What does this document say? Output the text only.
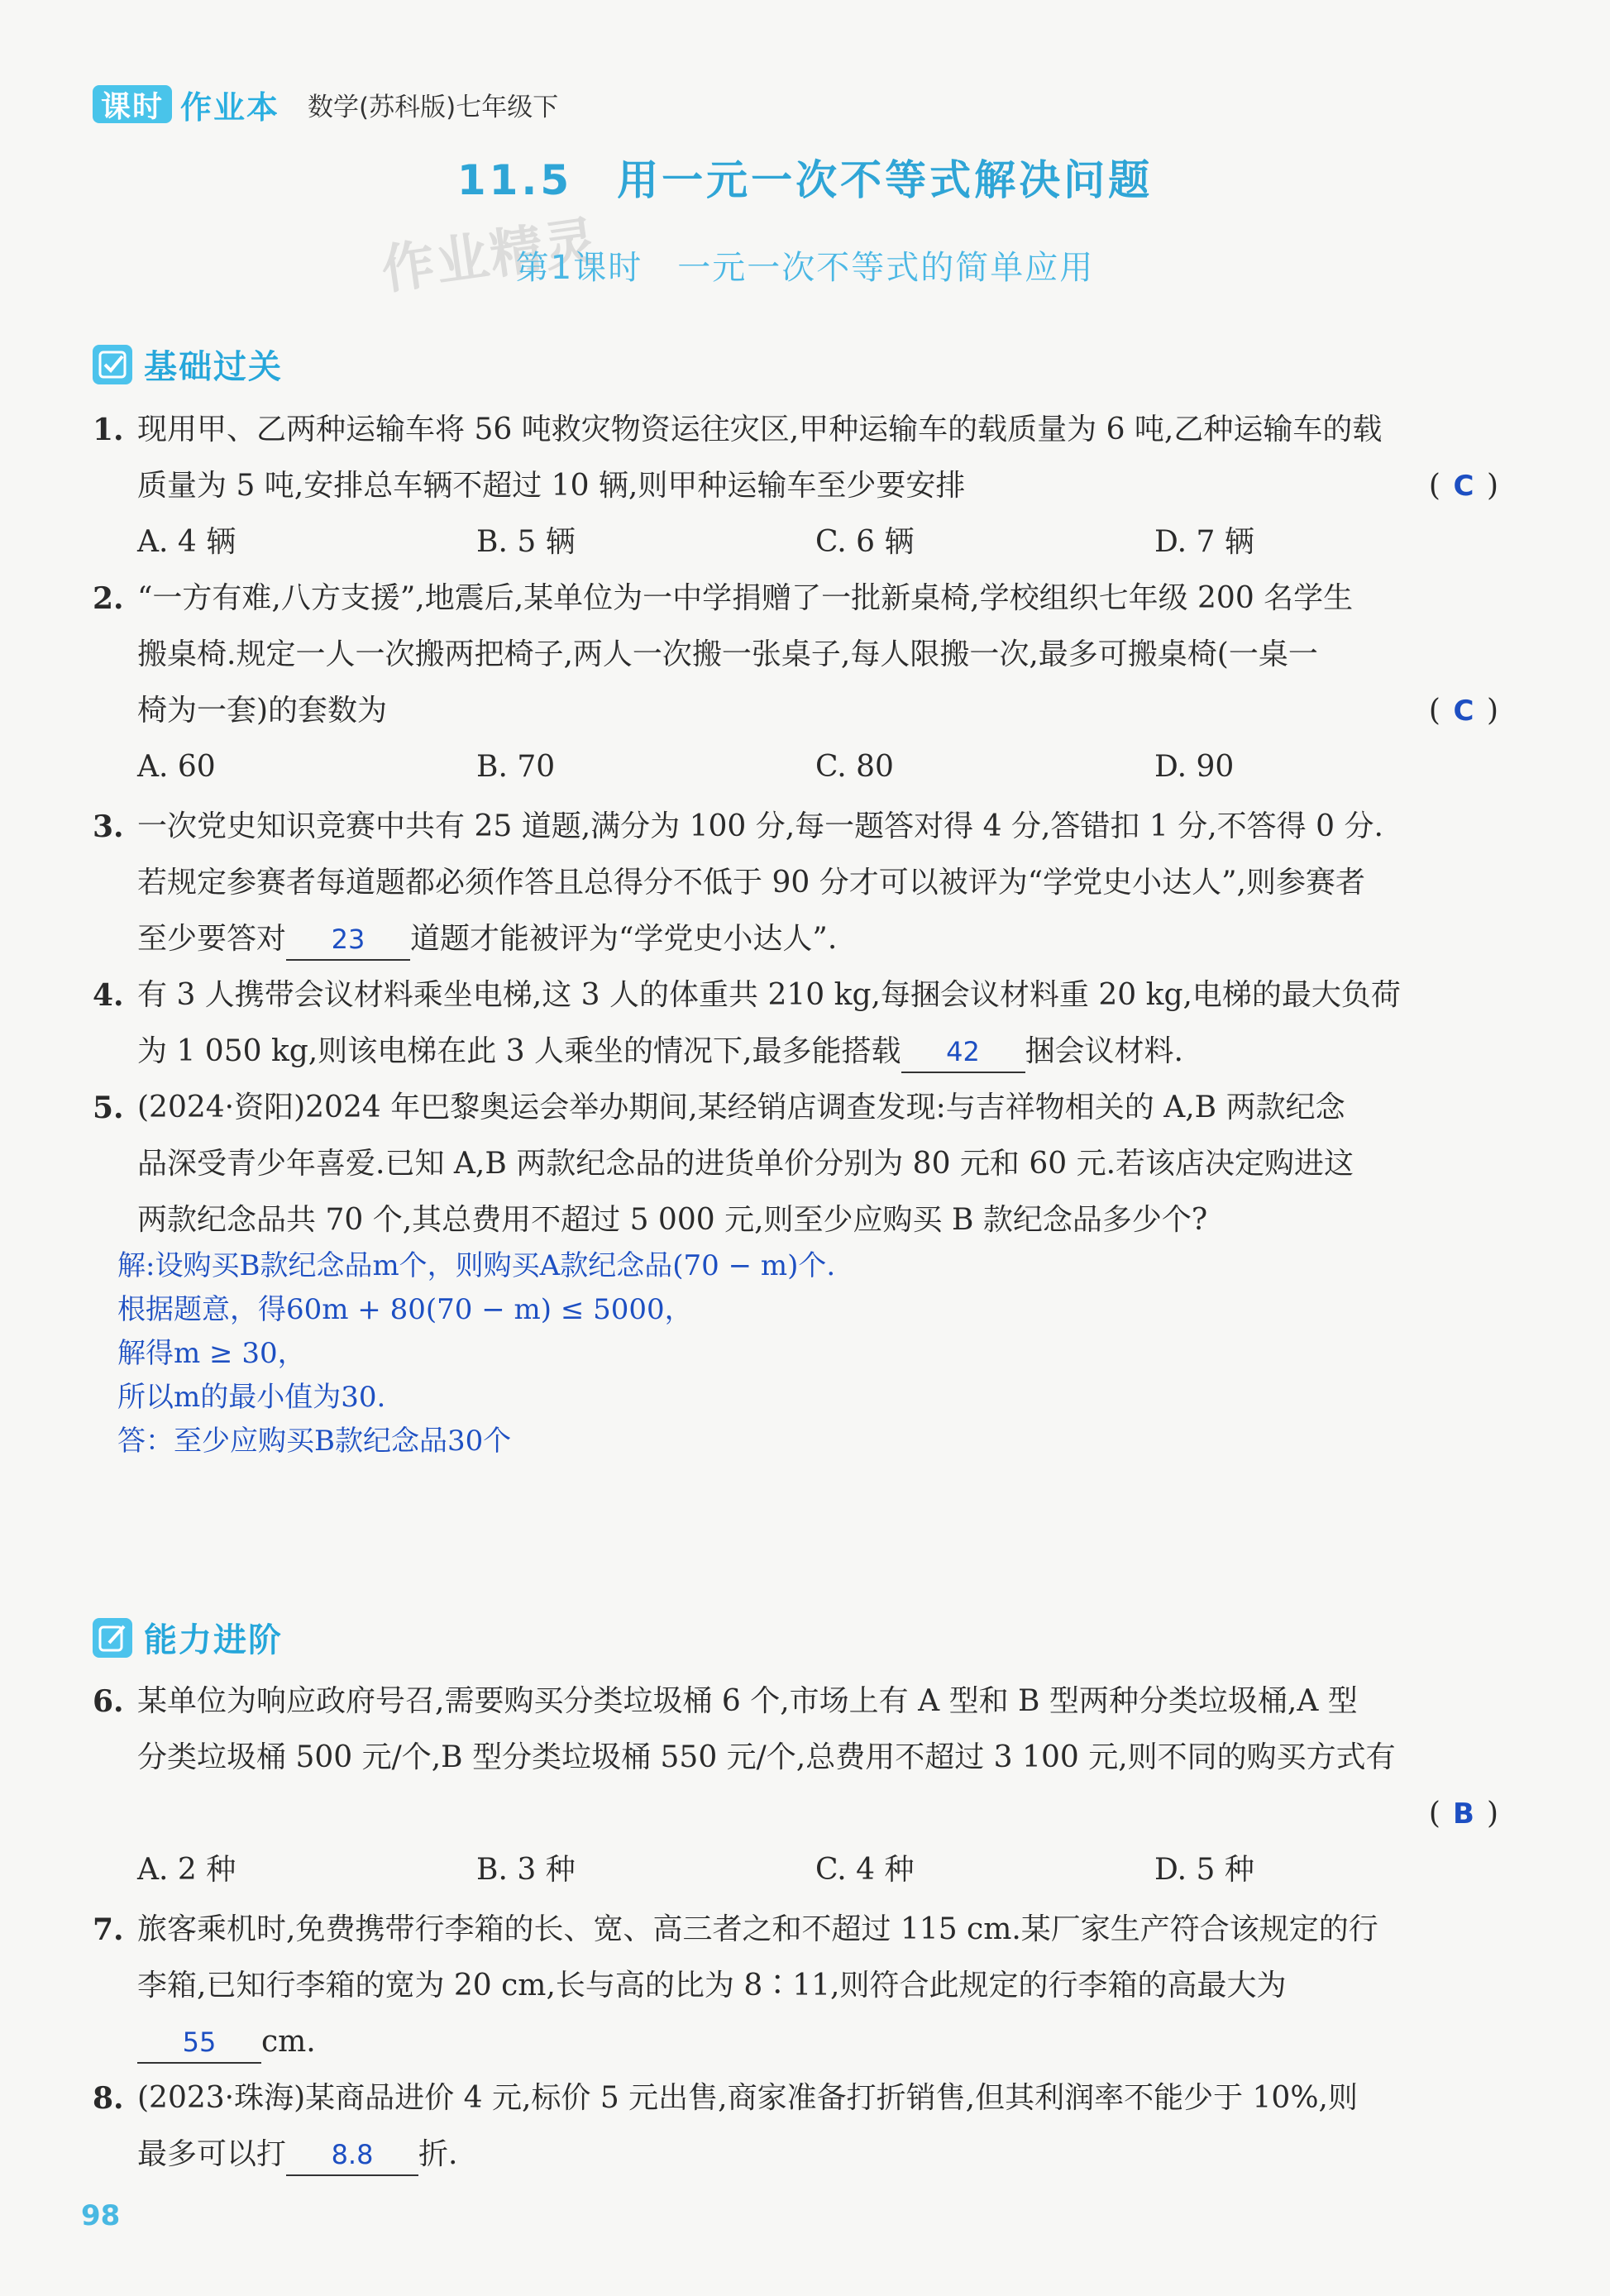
课时 作业本 数学(苏科版)七年级下
11.5　用一元一次不等式解决问题
作业精灵
第1课时　一元一次不等式的简单应用
基础过关
1. 现用甲、乙两种运输车将 56 吨救灾物资运往灾区,甲种运输车的载质量为 6 吨,乙种运输车的载
质量为 5 吨,安排总车辆不超过 10 辆,则甲种运输车至少要安排	( C )
A. 4 辆	B. 5 辆	C. 6 辆	D. 7 辆
2. “一方有难,八方支援”,地震后,某单位为一中学捐赠了一批新桌椅,学校组织七年级 200 名学生
搬桌椅.规定一人一次搬两把椅子,两人一次搬一张桌子,每人限搬一次,最多可搬桌椅(一桌一
椅为一套)的套数为	( C )
A. 60	B. 70	C. 80	D. 90
3. 一次党史知识竞赛中共有 25 道题,满分为 100 分,每一题答对得 4 分,答错扣 1 分,不答得 0 分.
若规定参赛者每道题都必须作答且总得分不低于 90 分才可以被评为“学党史小达人”,则参赛者
至少要答对 23 道题才能被评为“学党史小达人”.
4. 有 3 人携带会议材料乘坐电梯,这 3 人的体重共 210 kg,每捆会议材料重 20 kg,电梯的最大负荷
为 1 050 kg,则该电梯在此 3 人乘坐的情况下,最多能搭载 42 捆会议材料.
5. (2024·资阳)2024 年巴黎奥运会举办期间,某经销店调查发现:与吉祥物相关的 A,B 两款纪念
品深受青少年喜爱.已知 A,B 两款纪念品的进货单价分别为 80 元和 60 元.若该店决定购进这
两款纪念品共 70 个,其总费用不超过 5 000 元,则至少应购买 B 款纪念品多少个?
解:设购买B款纪念品m个，则购买A款纪念品(70 − m)个.
根据题意，得60m + 80(70 − m) ≤ 5000，
解得m ≥ 30，
所以m的最小值为30.
答：至少应购买B款纪念品30个
能力进阶
6. 某单位为响应政府号召,需要购买分类垃圾桶 6 个,市场上有 A 型和 B 型两种分类垃圾桶,A 型
分类垃圾桶 500 元/个,B 型分类垃圾桶 550 元/个,总费用不超过 3 100 元,则不同的购买方式有
( B )
A. 2 种	B. 3 种	C. 4 种	D. 5 种
7. 旅客乘机时,免费携带行李箱的长、宽、高三者之和不超过 115 cm.某厂家生产符合该规定的行
李箱,已知行李箱的宽为 20 cm,长与高的比为 8∶11,则符合此规定的行李箱的高最大为
55 cm.
8. (2023·珠海)某商品进价 4 元,标价 5 元出售,商家准备打折销售,但其利润率不能少于 10%,则
最多可以打 8.8 折.
98
